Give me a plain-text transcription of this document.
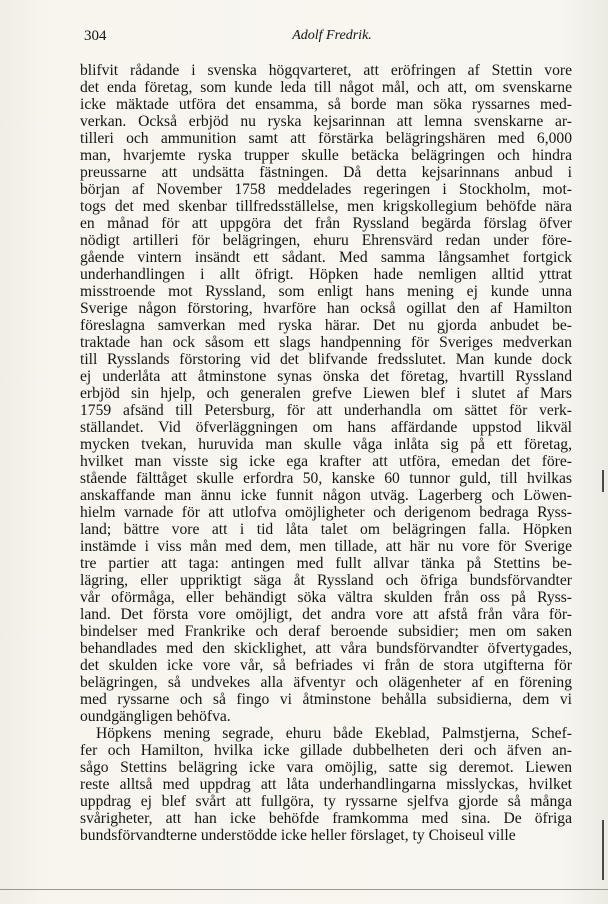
304	Adolf Fredrik.
blifvit rådande i svenska högqvarteret, att eröfringen af Stettin vore
det enda företag, som kunde leda till något mål, och att, om svenskarne
icke mäktade utföra det ensamma, så borde man söka ryssarnes med-
verkan. Också erbjöd nu ryska kejsarinnan att lemna svenskarne ar-
tilleri och ammunition samt att förstärka belägringshären med 6,000
man, hvarjemte ryska trupper skulle betäcka belägringen och hindra
preussarne att undsätta fästningen. Då detta kejsarinnans anbud i
början af November 1758 meddelades regeringen i Stockholm, mot-
togs det med skenbar tillfredsställelse, men krigskollegium behöfde nära
en månad för att uppgöra det från Ryssland begärda förslag öfver
nödigt artilleri för belägringen, ehuru Ehrensvärd redan under före-
gående vintern insändt ett sådant. Med samma långsamhet fortgick
underhandlingen i allt öfrigt. Höpken hade nemligen alltid yttrat
misstroende mot Ryssland, som enligt hans mening ej kunde unna
Sverige någon förstoring, hvarföre han också ogillat den af Hamilton
föreslagna samverkan med ryska härar. Det nu gjorda anbudet be-
traktade han ock såsom ett slags handpenning för Sveriges medverkan
till Rysslands förstoring vid det blifvande fredsslutet. Man kunde dock
ej underlåta att åtminstone synas önska det företag, hvartill Ryssland
erbjöd sin hjelp, och generalen grefve Liewen blef i slutet af Mars
1759 afsänd till Petersburg, för att underhandla om sättet för verk-
ställandet. Vid öfverläggningen om hans affärdande uppstod likväl
mycken tvekan, huruvida man skulle våga inlåta sig på ett företag,
hvilket man visste sig icke ega krafter att utföra, emedan det före-
stående fälttåget skulle erfordra 50, kanske 60 tunnor guld, till hvilkas
anskaffande man ännu icke funnit någon utväg. Lagerberg och Löwen-
hielm varnade för att utlofva omöjligheter och derigenom bedraga Ryss-
land; bättre vore att i tid låta talet om belägringen falla. Höpken
instämde i viss mån med dem, men tillade, att här nu vore för Sverige
tre partier att taga: antingen med fullt allvar tänka på Stettins be-
lägring, eller uppriktigt säga åt Ryssland och öfriga bundsförvandter
vår oförmåga, eller behändigt söka vältra skulden från oss på Ryss-
land. Det första vore omöjligt, det andra vore att afstå från våra för-
bindelser med Frankrike och deraf beroende subsidier; men om saken
behandlades med den skicklighet, att våra bundsförvandter öfvertygades,
det skulden icke vore vår, så befriades vi från de stora utgifterna för
belägringen, så undvekes alla äfventyr och olägenheter af en förening
med ryssarne och så fingo vi åtminstone behålla subsidierna, dem vi
oundgängligen behöfva.
Höpkens mening segrade, ehuru både Ekeblad, Palmstjerna, Schef-
fer och Hamilton, hvilka icke gillade dubbelheten deri och äfven an-
sågo Stettins belägring icke vara omöjlig, satte sig deremot. Liewen
reste alltså med uppdrag att låta underhandlingarna misslyckas, hvilket
uppdrag ej blef svårt att fullgöra, ty ryssarne sjelfva gjorde så många
svårigheter, att han icke behöfde framkomma med sina. De öfriga
bundsförvandterne understödde icke heller förslaget, ty Choiseul ville
